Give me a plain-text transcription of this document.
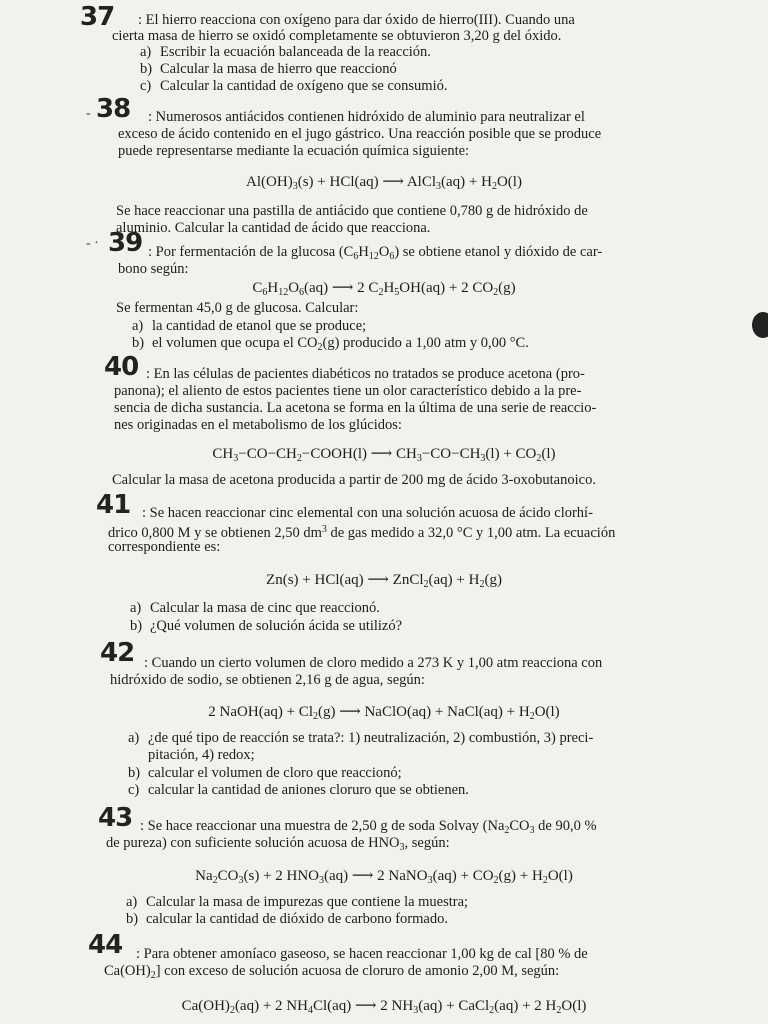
37 : El hierro reacciona con oxígeno para dar óxido de hierro(III). Cuando una
cierta masa de hierro se oxidó completamente se obtuvieron 3,20 g del óxido.
a) Escribir la ecuación balanceada de la reacción.
b) Calcular la masa de hierro que reaccionó
c) Calcular la cantidad de oxígeno que se consumió.
- 38 : Numerosos antiácidos contienen hidróxido de aluminio para neutralizar el
exceso de ácido contenido en el jugo gástrico. Una reacción posible que se produce
puede representarse mediante la ecuación química siguiente:
$Al(OH)_3(s) + HCl(aq)$ ⟶ AlCl$_3$(aq) + $H_2O(l)$
Se hace reaccionar una pastilla de antiácido que contiene 0,780 g de hidróxido de
aluminio. Calcular la cantidad de ácido que reacciona.
- · 39 : Por fermentación de la glucosa $(C_6H_{12}O_6)$ se obtiene etanol y dióxido de car-
bono según:
$C_6H_{12}O_6(aq)$ ⟶ 2 $C_2H_5OH(aq) + 2$ $CO_2(g)$
Se fermentan 45,0 g de glucosa. Calcular:
a) la cantidad de etanol que se produce;
b) el volumen que ocupa el $CO_2(g)$ producido a 1,00 atm y 0,00 °C.
40 : En las células de pacientes diabéticos no tratados se produce acetona (pro-
panona); el aliento de estos pacientes tiene un olor característico debido a la pre-
sencia de dicha sustancia. La acetona se forma en la última de una serie de reaccio-
nes originadas en el metabolismo de los glúcidos:
$CH_3-CO-CH_2-COOH(l)$ ⟶ $CH_3-CO-CH_3(l) + CO_2(l)$
Calcular la masa de acetona producida a partir de 200 mg de ácido 3-oxobutanoico.
41 : Se hacen reaccionar cinc elemental con una solución acuosa de ácido clorhí-
drico 0,800 M y se obtienen 2,50 $dm^3$ de gas medido a 32,0 °C y 1,00 atm. La ecuación
correspondiente es:
Zn(s) + HCl(aq) ⟶ ZnCl$_2$(aq) + $H_2(g)$
a) Calcular la masa de cinc que reaccionó.
b) ¿Qué volumen de solución ácida se utilizó?
42 : Cuando un cierto volumen de cloro medido a 273 K y 1,00 atm reacciona con
hidróxido de sodio, se obtienen 2,16 g de agua, según:
2 NaOH(aq) + $Cl_2(g)$ ⟶ NaClO(aq) + NaCl(aq) + $H_2O(l)$
a) ¿de qué tipo de reacción se trata?: 1) neutralización, 2) combustión, 3) preci-
pitación, 4) redox;
b) calcular el volumen de cloro que reaccionó;
c) calcular la cantidad de aniones cloruro que se obtienen.
43 : Se hace reaccionar una muestra de 2,50 g de soda Solvay ($Na_2CO_3$ de 90,0 %
de pureza) con suficiente solución acuosa de $HNO_3$, según:
$Na_2CO_3(s) + 2$ $HNO_3(aq)$ ⟶ 2 NaNO$_3$(aq) + $CO_2(g) + H_2O(l)$
a) Calcular la masa de impurezas que contiene la muestra;
b) calcular la cantidad de dióxido de carbono formado.
44 : Para obtener amoníaco gaseoso, se hacen reaccionar 1,00 kg de cal [80 % de
$Ca(OH)_2$] con exceso de solución acuosa de cloruro de amonio 2,00 M, según:
$Ca(OH)_2(aq) + 2$ $NH_4Cl(aq)$ ⟶ 2 $NH_3(aq)$ + CaCl$_2$(aq) + 2 $H_2O(l)$
